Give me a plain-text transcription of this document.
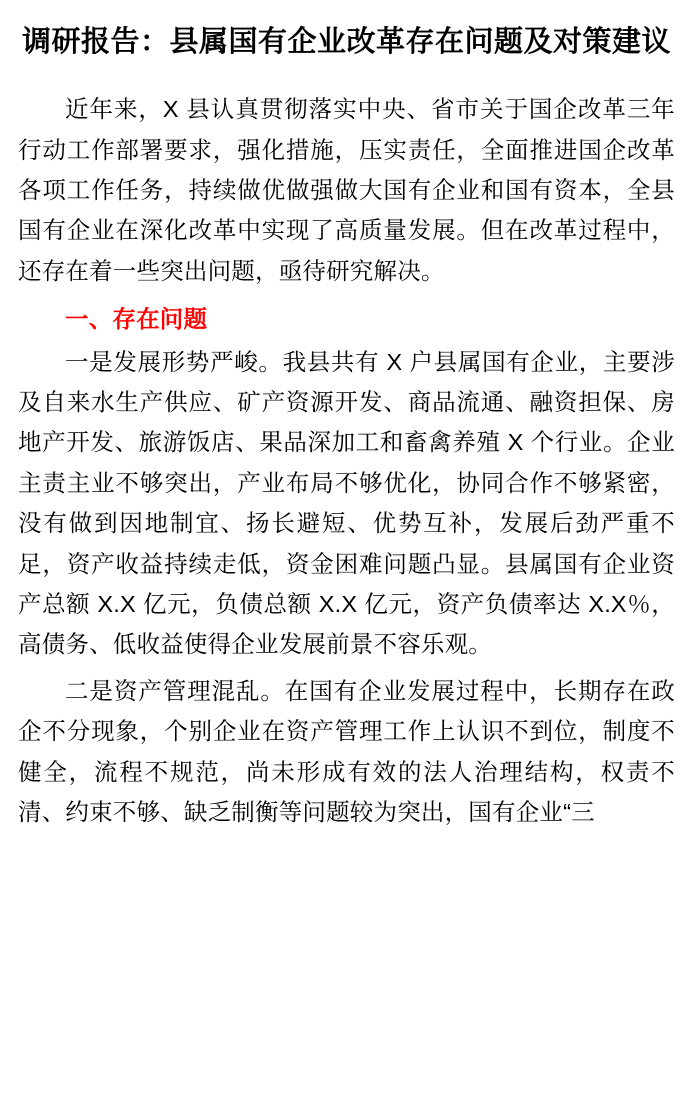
调研报告：县属国有企业改革存在问题及对策建议

近年来，X 县认真贯彻落实中央、省市关于国企改革三年行动工作部署要求，强化措施，压实责任，全面推进国企改革各项工作任务，持续做优做强做大国有企业和国有资本，全县国有企业在深化改革中实现了高质量发展。但在改革过程中，还存在着一些突出问题，亟待研究解决。

一、存在问题

一是发展形势严峻。我县共有 X 户县属国有企业，主要涉及自来水生产供应、矿产资源开发、商品流通、融资担保、房地产开发、旅游饭店、果品深加工和畜禽养殖 X 个行业。企业主责主业不够突出，产业布局不够优化，协同合作不够紧密，没有做到因地制宜、扬长避短、优势互补，发展后劲严重不足，资产收益持续走低，资金困难问题凸显。县属国有企业资产总额 X.X 亿元，负债总额 X.X 亿元，资产负债率达 X.X％，高债务、低收益使得企业发展前景不容乐观。

二是资产管理混乱。在国有企业发展过程中，长期存在政企不分现象，个别企业在资产管理工作上认识不到位，制度不健全，流程不规范，尚未形成有效的法人治理结构，权责不清、约束不够、缺乏制衡等问题较为突出，国有企业“三
